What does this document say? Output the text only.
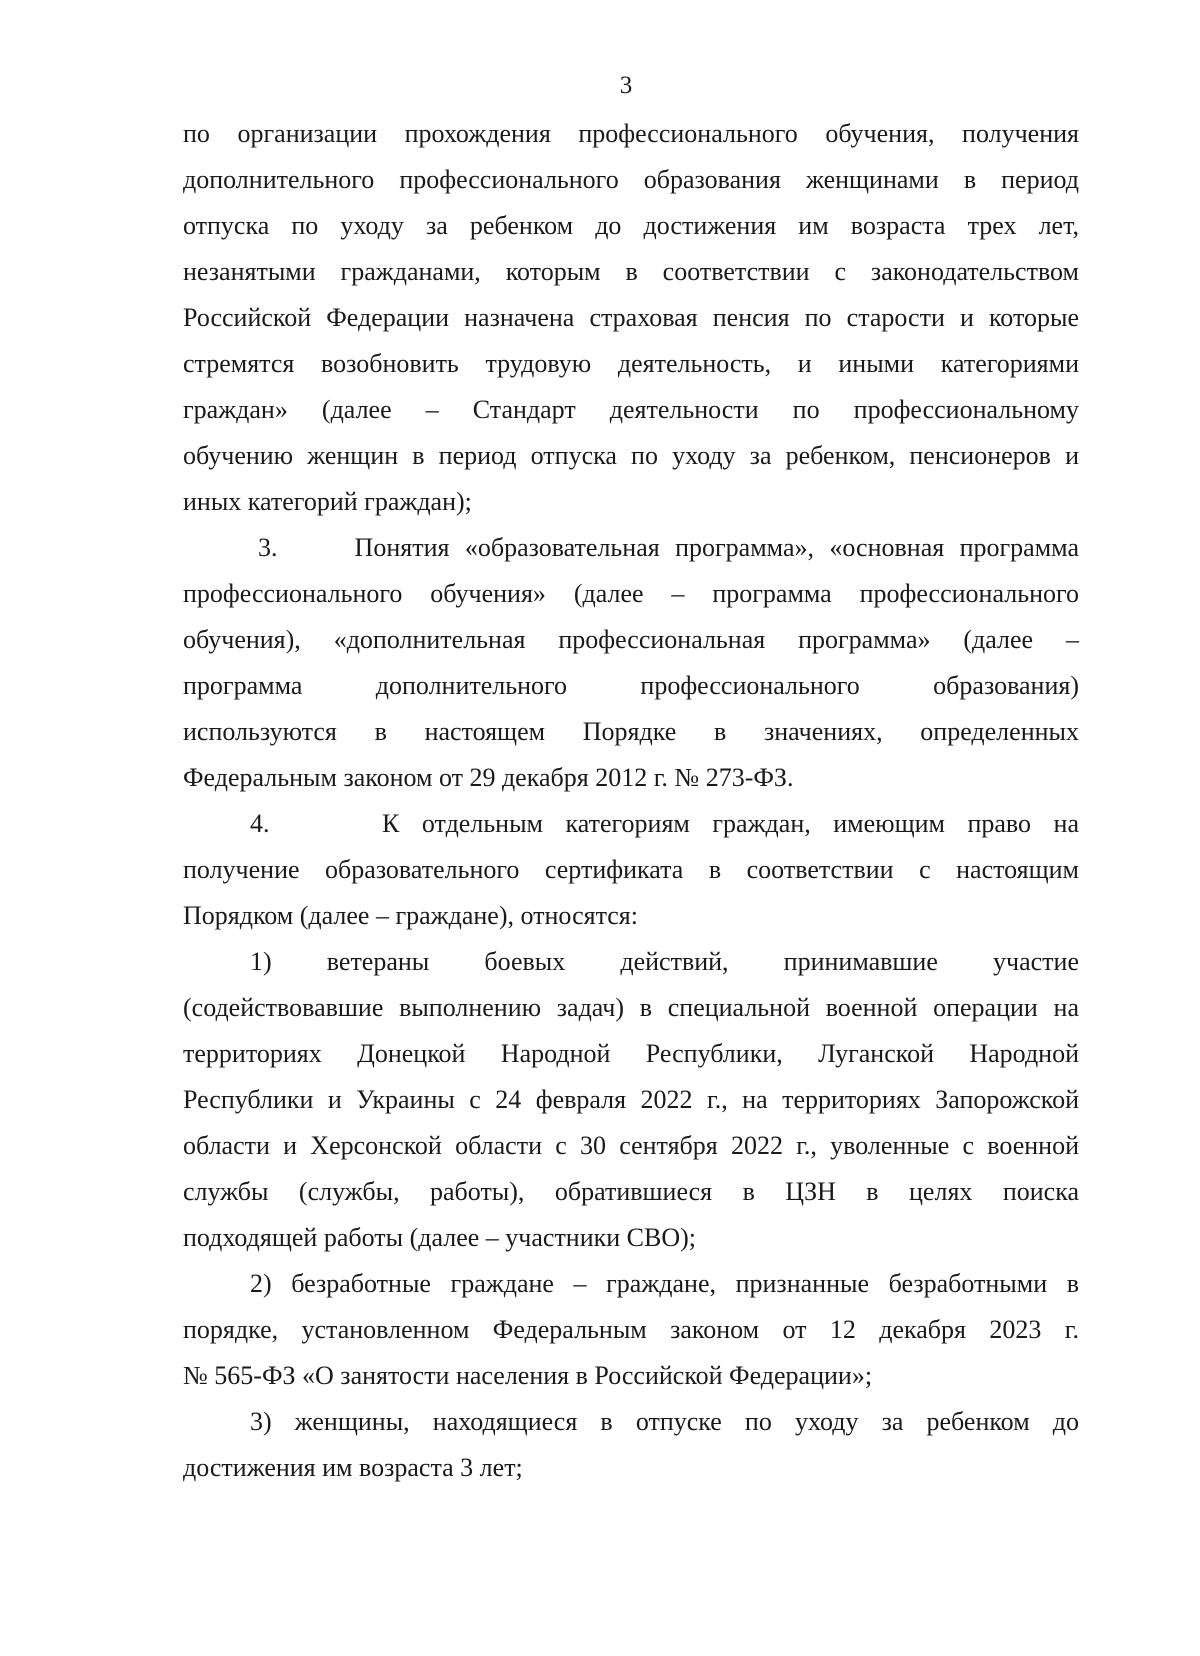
3
по организации прохождения профессионального обучения, получения
дополнительного профессионального образования женщинами в период
отпуска по уходу за ребенком до достижения им возраста трех лет,
незанятыми гражданами, которым в соответствии с законодательством
Российской Федерации назначена страховая пенсия по старости и которые
стремятся возобновить трудовую деятельность, и иными категориями
граждан» (далее – Стандарт деятельности по профессиональному
обучению женщин в период отпуска по уходу за ребенком, пенсионеров и
иных категорий граждан);
3.     Понятия «образовательная программа», «основная программа
профессионального обучения» (далее – программа профессионального
обучения), «дополнительная профессиональная программа» (далее –
программа дополнительного профессионального образования)
используются в настоящем Порядке в значениях, определенных
Федеральным законом от 29 декабря 2012 г. № 273-ФЗ.
4.     К отдельным категориям граждан, имеющим право на
получение образовательного сертификата в соответствии с настоящим
Порядком (далее – граждане), относятся:
1) ветераны боевых действий, принимавшие участие
(содействовавшие выполнению задач) в специальной военной операции на
территориях Донецкой Народной Республики, Луганской Народной
Республики и Украины с 24 февраля 2022 г., на территориях Запорожской
области и Херсонской области с 30 сентября 2022 г., уволенные с военной
службы (службы, работы), обратившиеся в ЦЗН в целях поиска
подходящей работы (далее – участники СВО);
2) безработные граждане – граждане, признанные безработными в
порядке, установленном Федеральным законом от 12 декабря 2023 г.
№ 565-ФЗ «О занятости населения в Российской Федерации»;
3) женщины, находящиеся в отпуске по уходу за ребенком до
достижения им возраста 3 лет;
